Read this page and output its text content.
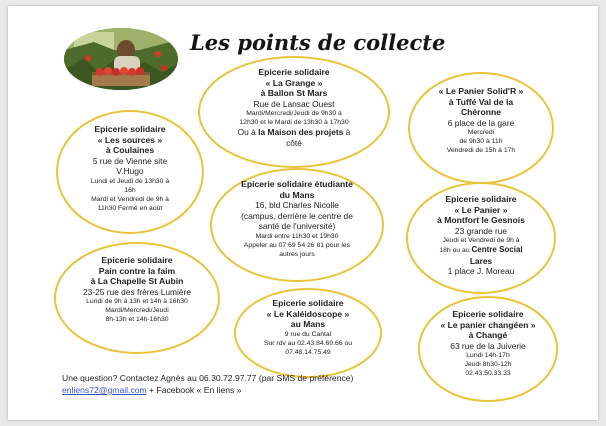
Les points de collecte
Epicerie solidaire
« La Grange »
à Ballon St Mars
Rue de Lansac Ouest
Mardi/Mercredi/Jeudi de 9h30 à
12h30 et le Mardi de 13h30 à 17h30
Ou à la Maison des projets à
côté
Epicerie solidaire
« Les sources »
à Coulaines
5 rue de Vienne site
V.Hugo
Lundi et Jeudi de 13h30 à
16h
Mardi et Vendredi de 9h à
11h30 Fermé en août
« Le Panier Solid'R »
à Tuffé Val de la
Chéronne
6 place de la gare
Mercredi
de 9h30 à 11h
Vendredi de 15h à 17h
Epicerie solidaire étudiante
du Mans
16, bld Charles Nicolle
(campus, derrière le centre de
santé de l'université)
Mardi entre 11h30 et 19h30
Appeler au 07 69 54 26 81 pour les
autres jours
Epicerie solidaire
« Le Panier »
à Montfort le Gesnois
23 grande rue
Jeudi et Vendredi de 9h à
18h ou au Centre Social
Lares
1 place J. Moreau
Epicerie solidaire
Pain contre la faim
à La Chapelle St Aubin
23-25 rue des frères Lumière
Lundi de 9h à 13h et 14h à 16h30
Mardi/Mercredi/Jeudi
8h-13h et 14h-16h30
Epicerie solidaire
« Le Kaléidoscope »
au Mans
9 rue du Cantal
Sur rdv au 02.43.84.60.66 ou
07.48.14.75.49
Epicerie solidaire
« Le panier changéen »
à Changé
63 rue de la Juiverie
Lundi 14h-17h
Jeudi 8h30-12h
02.43.50.33.33
Une question? Contactez Agnès au 06.30.72.97.77 (par SMS de préférence)
enliens72@gmail.com + Facebook « En liens »
